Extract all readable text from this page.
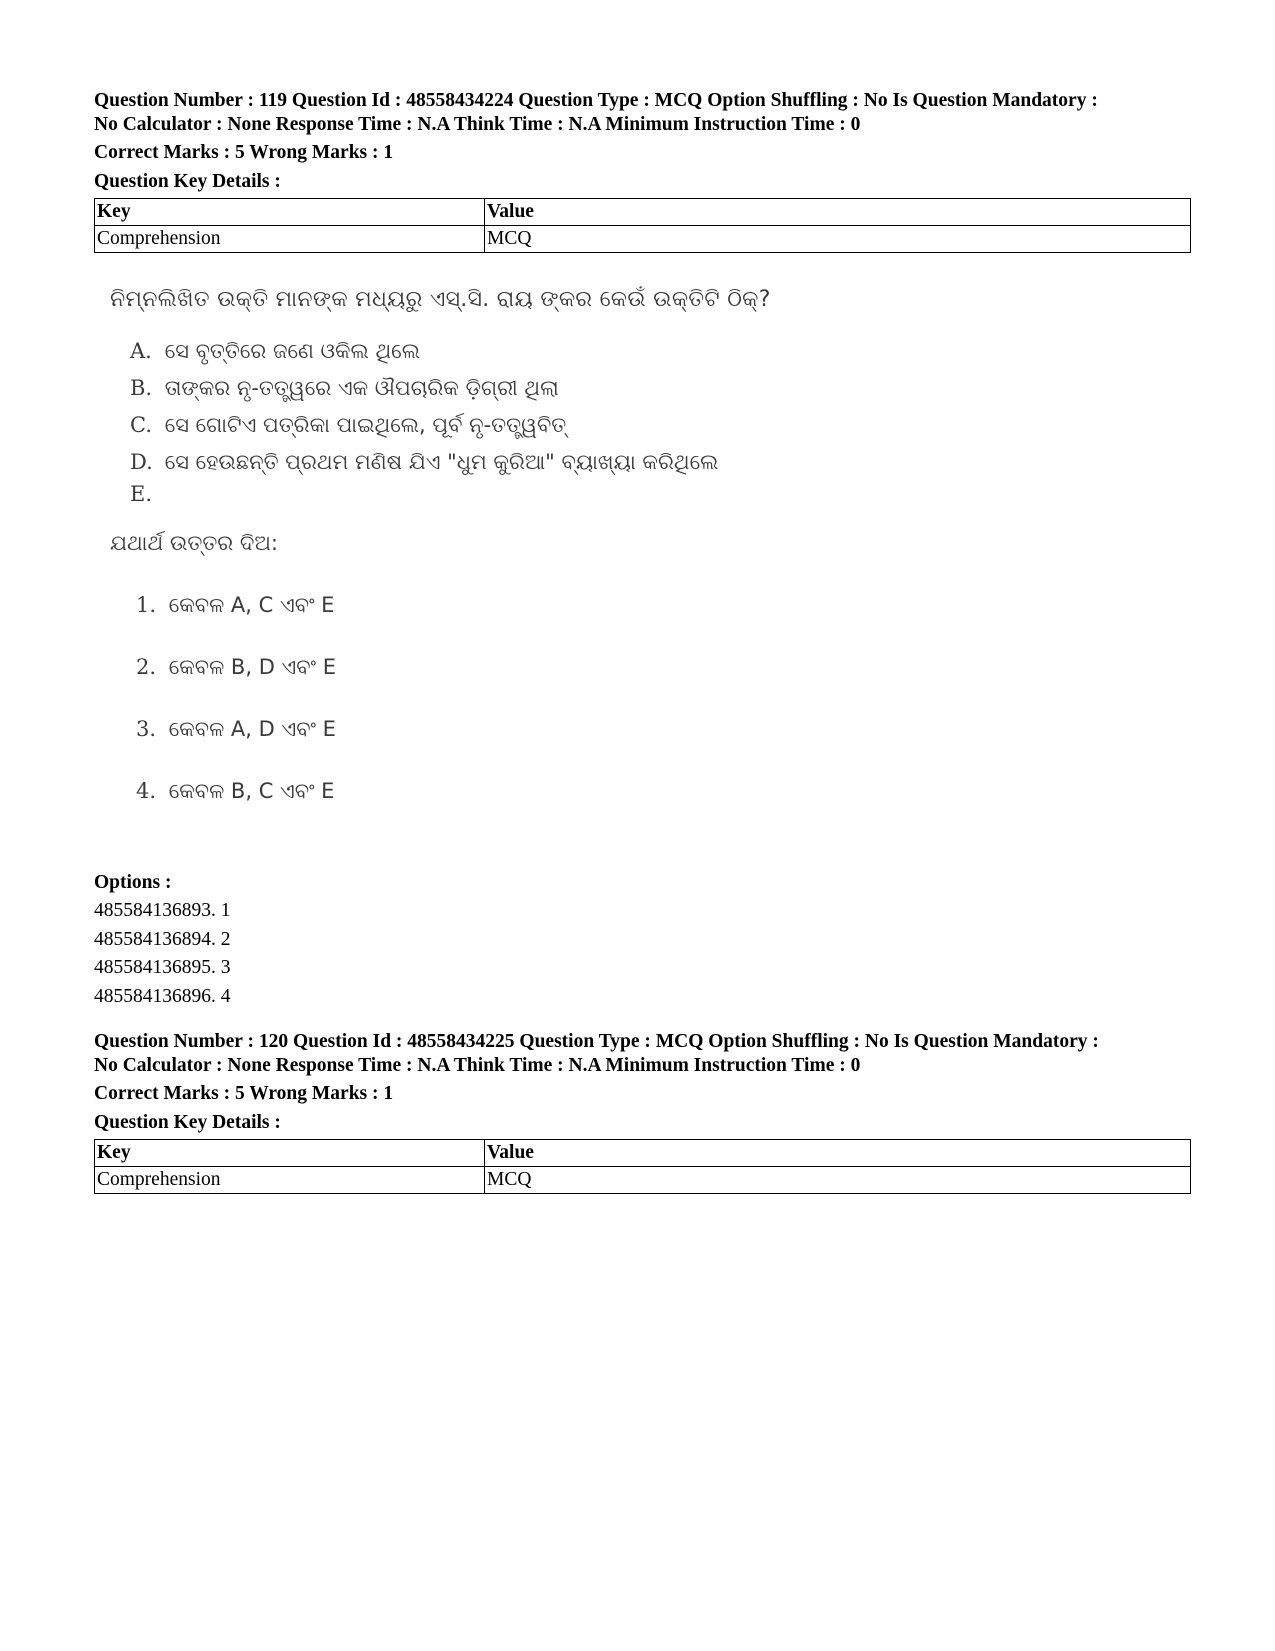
Question Number : 119 Question Id : 48558434224 Question Type : MCQ Option Shuffling : No Is Question Mandatory :
No Calculator : None Response Time : N.A Think Time : N.A Minimum Instruction Time : 0
Correct Marks : 5 Wrong Marks : 1
Question Key Details :
Key	Value
Comprehension	MCQ
ନିମ୍ନଲିଖିତ ଉକ୍ତି ମାନଙ୍କ ମଧ୍ୟରୁ ଏସ୍.ସି. ରାୟ ଙ୍କର କେଉଁ ଉକ୍ତିଟି ଠିକ୍?
A. ସେ ବୃତ୍ତିରେ ଜଣେ ଓକିଲ ଥିଲେ
B. ତାଙ୍କର ନୃ-ତତ୍ତ୍ୱରେ ଏକ ଔପଚାରିକ ଡ଼ିଗ୍ରୀ ଥିଲା
C. ସେ ଗୋଟିଏ ପତ୍ରିକା ପାଇଥିଲେ, ପୂର୍ବ ନୃ-ତତ୍ତ୍ୱବିତ୍
D. ସେ ହେଉଛନ୍ତି ପ୍ରଥମ ମଣିଷ ଯିଏ "ଧୁମ କୁରିଆ" ବ୍ୟାଖ୍ୟା କରିଥିଲେ
E.
ଯଥାର୍ଥ ଉତ୍ତର ଦିଅ:
1. କେବଳ A, C ଏବଂ E
2. କେବଳ B, D ଏବଂ E
3. କେବଳ A, D ଏବଂ E
4. କେବଳ B, C ଏବଂ E
Options :
485584136893. 1
485584136894. 2
485584136895. 3
485584136896. 4
Question Number : 120 Question Id : 48558434225 Question Type : MCQ Option Shuffling : No Is Question Mandatory :
No Calculator : None Response Time : N.A Think Time : N.A Minimum Instruction Time : 0
Correct Marks : 5 Wrong Marks : 1
Question Key Details :
Key	Value
Comprehension	MCQ
